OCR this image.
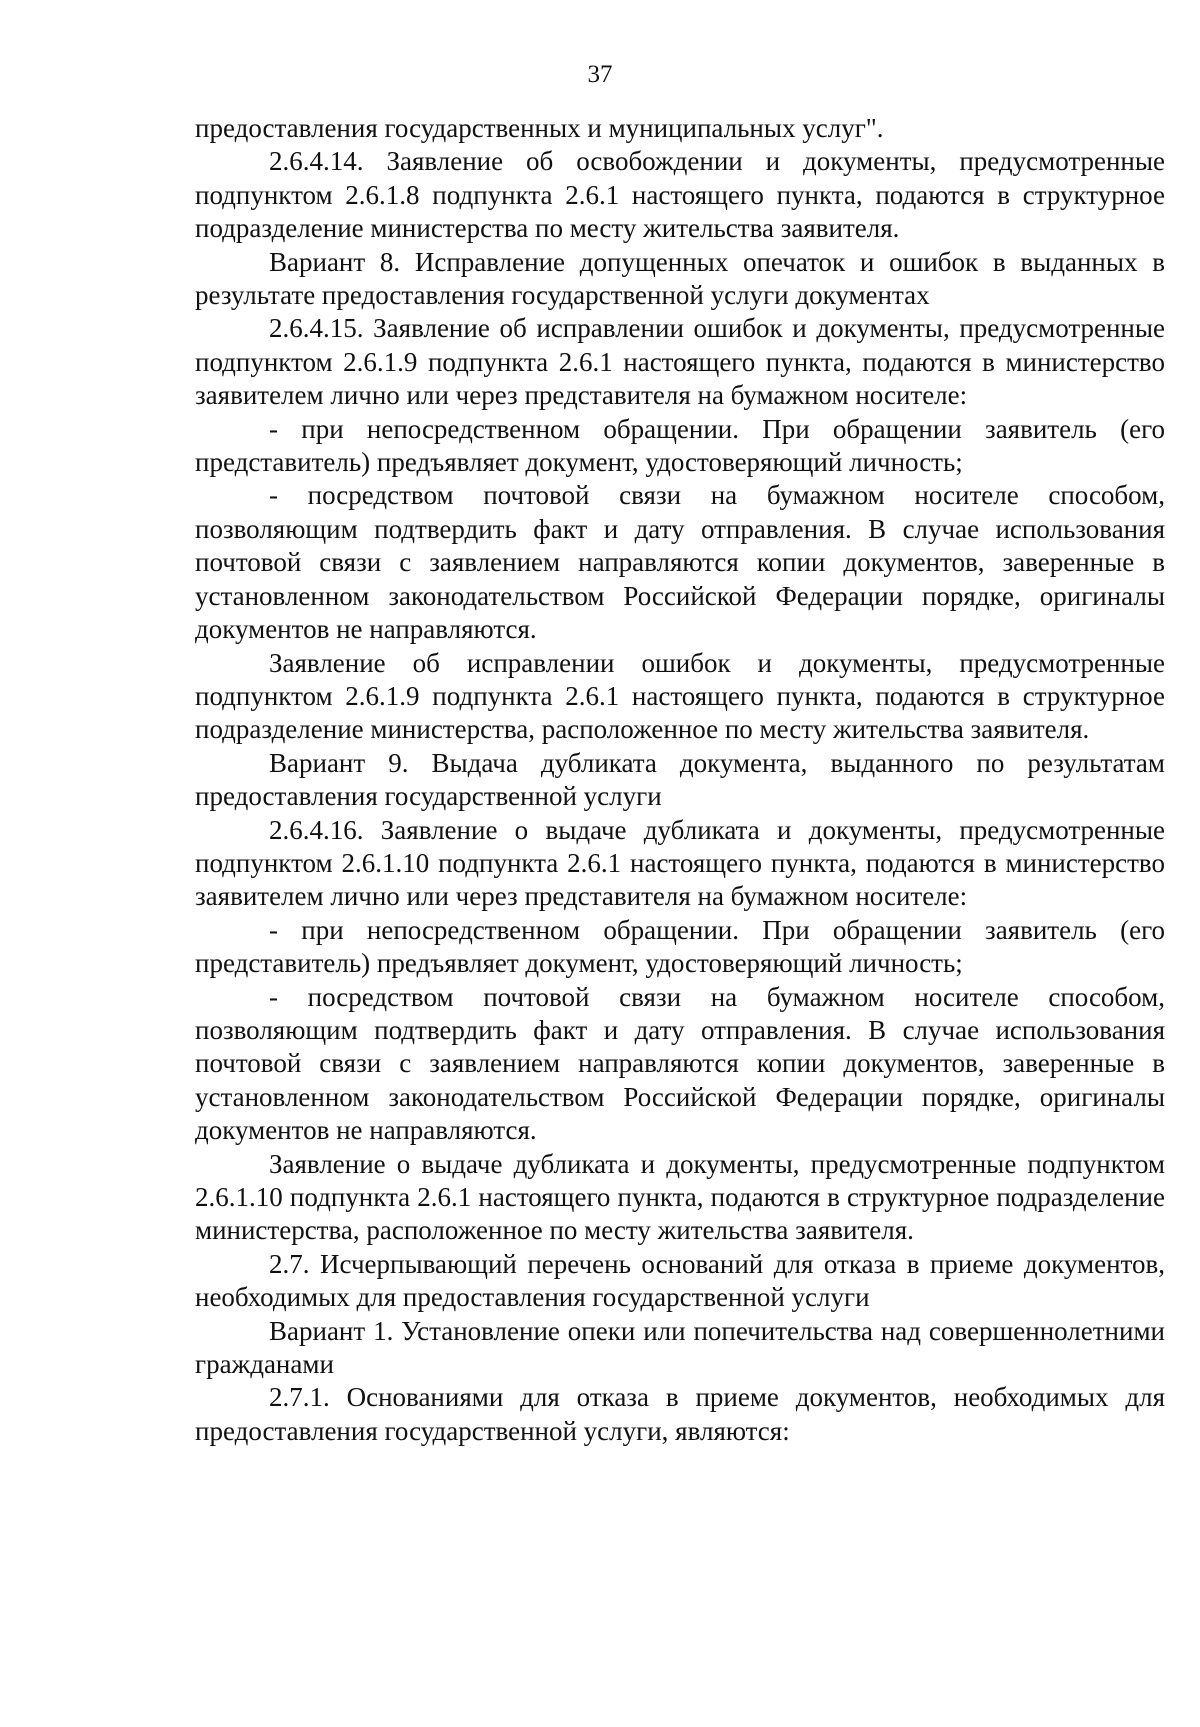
37

предоставления государственных и муниципальных услуг".

2.6.4.14. Заявление об освобождении и документы, предусмотренные подпунктом 2.6.1.8 подпункта 2.6.1 настоящего пункта, подаются в структурное подразделение министерства по месту жительства заявителя.

Вариант 8. Исправление допущенных опечаток и ошибок в выданных в результате предоставления государственной услуги документах

2.6.4.15. Заявление об исправлении ошибок и документы, предусмотренные подпунктом 2.6.1.9 подпункта 2.6.1 настоящего пункта, подаются в министерство заявителем лично или через представителя на бумажном носителе:

- при непосредственном обращении. При обращении заявитель (его представитель) предъявляет документ, удостоверяющий личность;

- посредством почтовой связи на бумажном носителе способом, позволяющим подтвердить факт и дату отправления. В случае использования почтовой связи с заявлением направляются копии документов, заверенные в установленном законодательством Российской Федерации порядке, оригиналы документов не направляются.

Заявление об исправлении ошибок и документы, предусмотренные подпунктом 2.6.1.9 подпункта 2.6.1 настоящего пункта, подаются в структурное подразделение министерства, расположенное по месту жительства заявителя.

Вариант 9. Выдача дубликата документа, выданного по результатам предоставления государственной услуги

2.6.4.16. Заявление о выдаче дубликата и документы, предусмотренные подпунктом 2.6.1.10 подпункта 2.6.1 настоящего пункта, подаются в министерство заявителем лично или через представителя на бумажном носителе:

- при непосредственном обращении. При обращении заявитель (его представитель) предъявляет документ, удостоверяющий личность;

- посредством почтовой связи на бумажном носителе способом, позволяющим подтвердить факт и дату отправления. В случае использования почтовой связи с заявлением направляются копии документов, заверенные в установленном законодательством Российской Федерации порядке, оригиналы документов не направляются.

Заявление о выдаче дубликата и документы, предусмотренные подпунктом 2.6.1.10 подпункта 2.6.1 настоящего пункта, подаются в структурное подразделение министерства, расположенное по месту жительства заявителя.

2.7. Исчерпывающий перечень оснований для отказа в приеме документов, необходимых для предоставления государственной услуги

Вариант 1. Установление опеки или попечительства над совершеннолетними гражданами

2.7.1. Основаниями для отказа в приеме документов, необходимых для предоставления государственной услуги, являются:
